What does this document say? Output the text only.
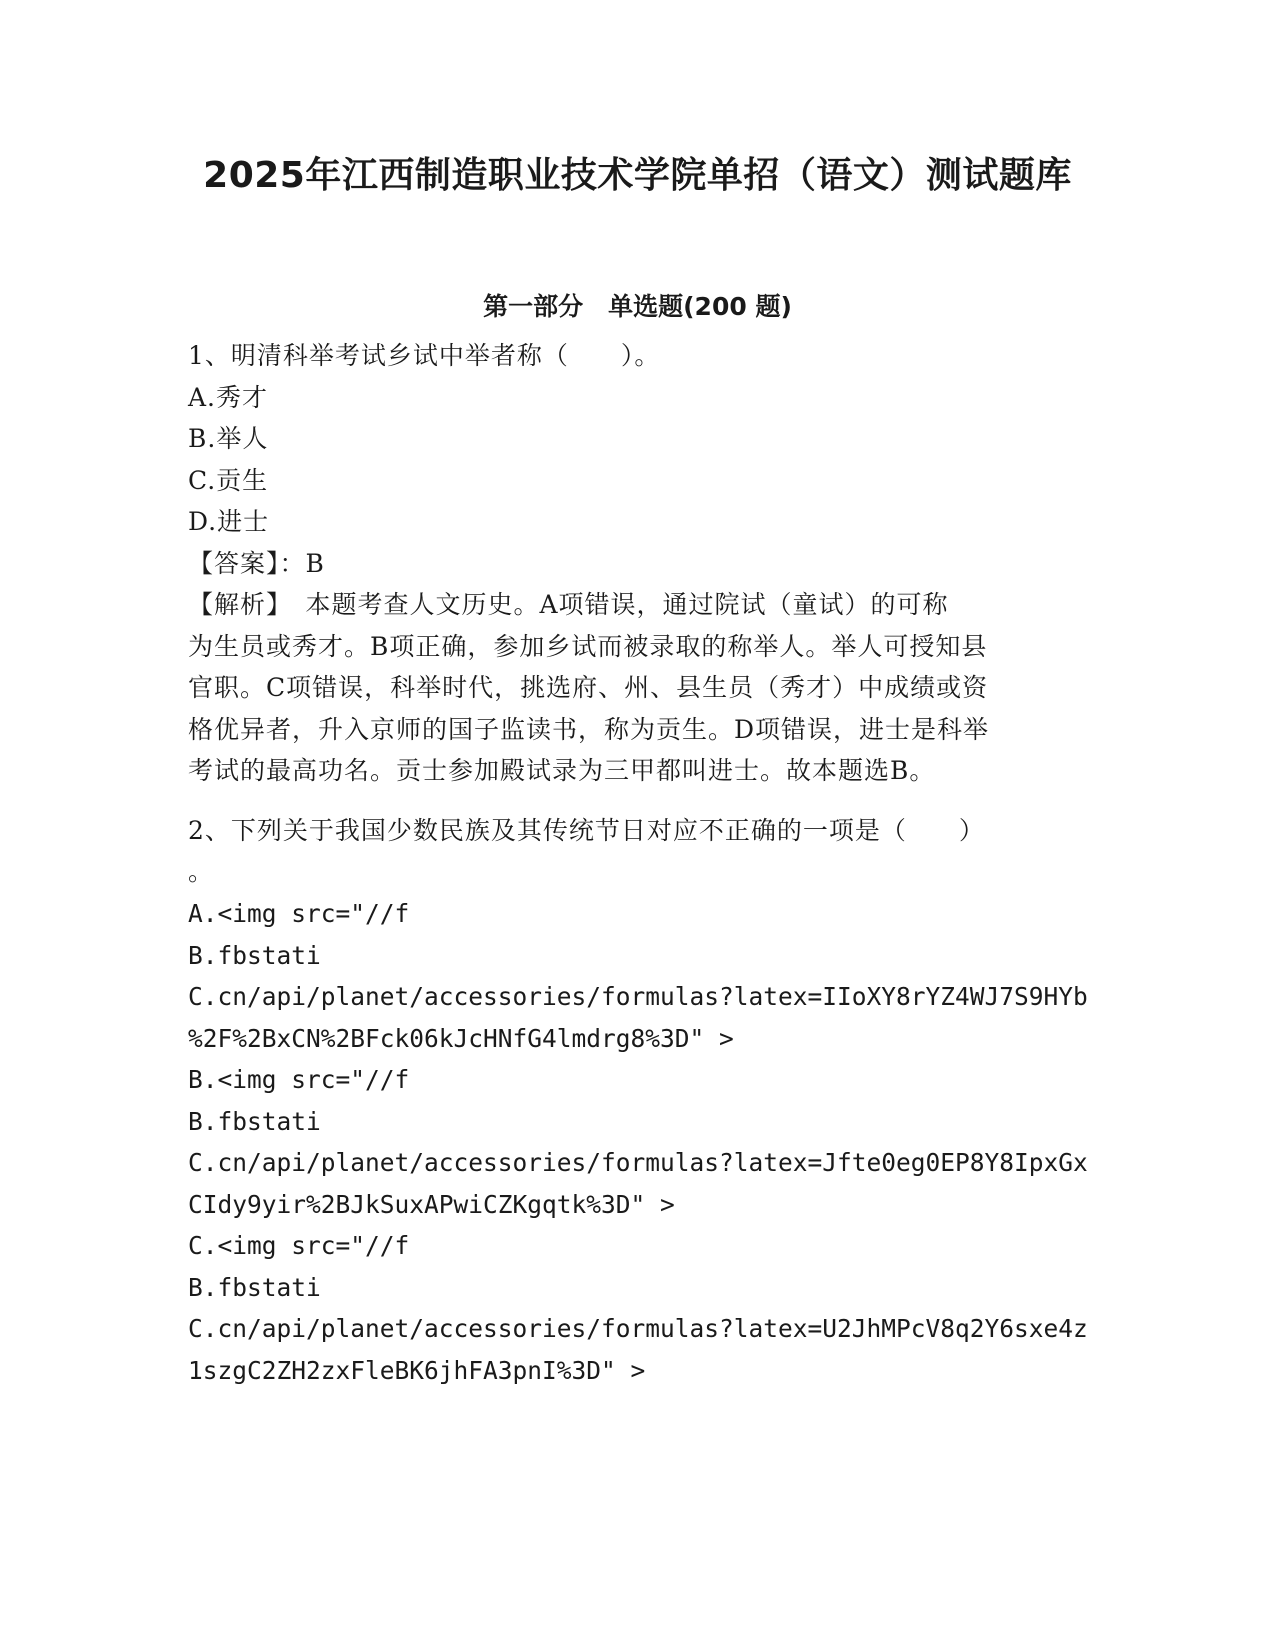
2025年江西制造职业技术学院单招（语文）测试题库
第一部分　单选题(200 题)
1、明清科举考试乡试中举者称（　　）。
A.秀才
B.举人
C.贡生
D.进士
【答案】：B
【解析】　本题考查人文历史。A项错误，通过院试（童试）的可称
为生员或秀才。B项正确，参加乡试而被录取的称举人。举人可授知县
官职。C项错误，科举时代，挑选府、州、县生员（秀才）中成绩或资
格优异者，升入京师的国子监读书，称为贡生。D项错误，进士是科举
考试的最高功名。贡士参加殿试录为三甲都叫进士。故本题选B。
2、下列关于我国少数民族及其传统节日对应不正确的一项是（　　）
。
A.<img src="//f
B.fbstati
C.cn/api/planet/accessories/formulas?latex=IIoXY8rYZ4WJ7S9HYb
%2F%2BxCN%2BFck06kJcHNfG4lmdrg8%3D" >
B.<img src="//f
B.fbstati
C.cn/api/planet/accessories/formulas?latex=Jfte0eg0EP8Y8IpxGx
CIdy9yir%2BJkSuxAPwiCZKgqtk%3D" >
C.<img src="//f
B.fbstati
C.cn/api/planet/accessories/formulas?latex=U2JhMPcV8q2Y6sxe4z
1szgC2ZH2zxFleBK6jhFA3pnI%3D" >
